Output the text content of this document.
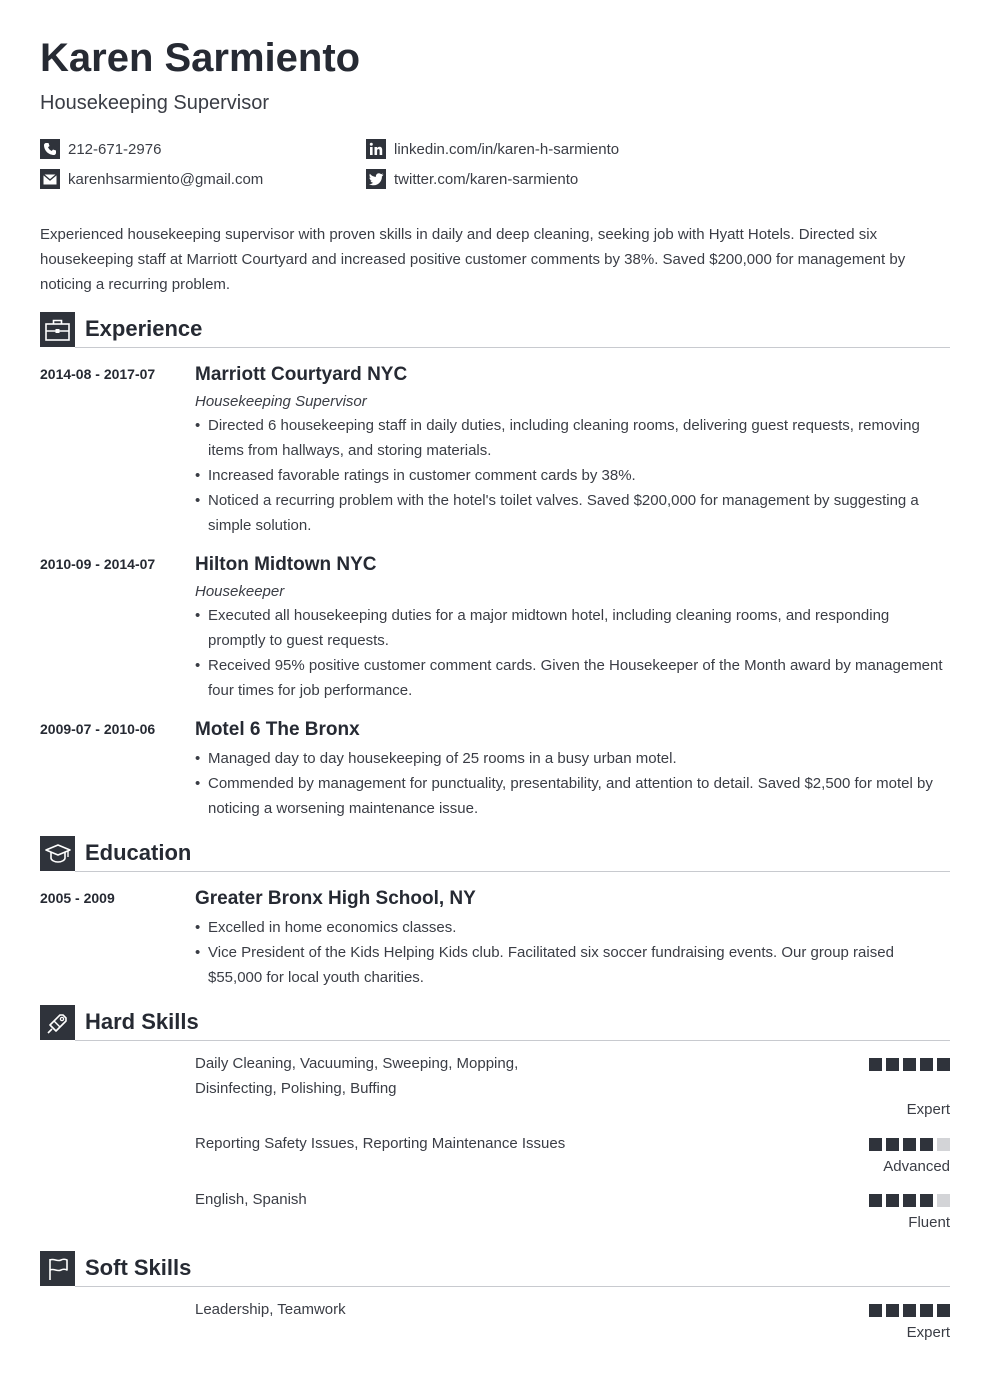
Karen Sarmiento
Housekeeping Supervisor
212-671-2976
karenhsarmiento@gmail.com
linkedin.com/in/karen-h-sarmiento
twitter.com/karen-sarmiento

Experienced housekeeping supervisor with proven skills in daily and deep cleaning, seeking job with Hyatt Hotels. Directed six housekeeping staff at Marriott Courtyard and increased positive customer comments by 38%. Saved $200,000 for management by noticing a recurring problem.

Experience
2014-08 - 2017-07 Marriott Courtyard NYC
Housekeeping Supervisor
• Directed 6 housekeeping staff in daily duties, including cleaning rooms, delivering guest requests, removing items from hallways, and storing materials.
• Increased favorable ratings in customer comment cards by 38%.
• Noticed a recurring problem with the hotel's toilet valves. Saved $200,000 for management by suggesting a simple solution.
2010-09 - 2014-07 Hilton Midtown NYC
Housekeeper
• Executed all housekeeping duties for a major midtown hotel, including cleaning rooms, and responding promptly to guest requests.
• Received 95% positive customer comment cards. Given the Housekeeper of the Month award by management four times for job performance.
2009-07 - 2010-06 Motel 6 The Bronx
• Managed day to day housekeeping of 25 rooms in a busy urban motel.
• Commended by management for punctuality, presentability, and attention to detail. Saved $2,500 for motel by noticing a worsening maintenance issue.
Education
2005 - 2009	Greater Bronx High School, NY
• Excelled in home economics classes.
• Vice President of the Kids Helping Kids club. Facilitated six soccer fundraising events. Our group raised $55,000 for local youth charities.
Hard Skills
Daily Cleaning, Vacuuming, Sweeping, Mopping, Disinfecting, Polishing, Buffing
Expert
Reporting Safety Issues, Reporting Maintenance Issues
Advanced
English, Spanish
Fluent
Soft Skills
Leadership, Teamwork
Expert
